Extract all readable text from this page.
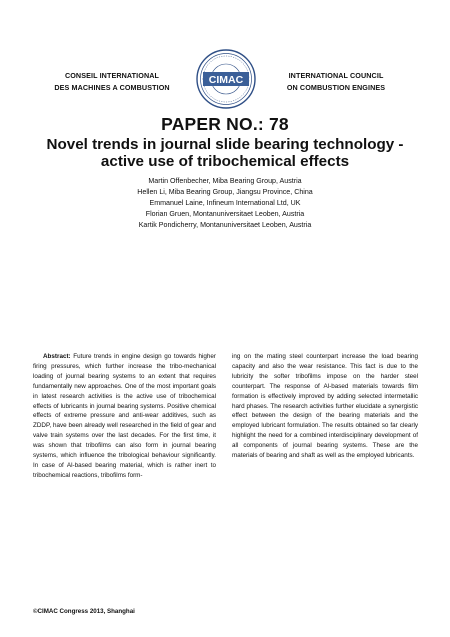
CONSEIL INTERNATIONAL
DES MACHINES A COMBUSTION
CIMAC	INTERNATIONAL COUNCIL
ON COMBUSTION ENGINES
PAPER NO.: 78
Novel trends in journal slide bearing technology -
active use of tribochemical effects
Martin Offenbecher, Miba Bearing Group, Austria
Hellen Li, Miba Bearing Group, Jiangsu Province, China
Emmanuel Laine, Infineum International Ltd, UK
Florian Gruen, Montanuniversitaet Leoben, Austria
Kartik Pondicherry, Montanuniversitaet Leoben, Austria
Abstract: Future trends in engine design go towards higher firing pressures, which further increase the tribo-mechanical loading of journal bearing systems to an extent that requires fundamentally new approaches. One of the most important goals in latest research activities is the active use of tribochemical effects of lubricants in journal bearing systems. Positive chemical effects of extreme pressure and anti-wear additives, such as ZDDP, have been already well researched in the field of gear and valve train systems over the last decades. For the first time, it was shown that tribofilms can also form in journal bearing systems, which influence the tribological behaviour significantly. In case of Al-based bearing material, which is rather inert to tribochemical reactions, tribofilms form-
ing on the mating steel counterpart increase the load bearing capacity and also the wear resistance. This fact is due to the lubricity the softer tribofilms impose on the harder steel counterpart. The response of Al-based materials towards film formation is effectively improved by adding selected intermetallic hard phases. The research activities further elucidate a synergistic effect between the design of the bearing materials and the employed lubricant formulation. The results obtained so far clearly highlight the need for a combined interdisciplinary development of all components of journal bearing systems. These are the materials of bearing and shaft as well as the employed lubricants.
©CIMAC Congress 2013, Shanghai
